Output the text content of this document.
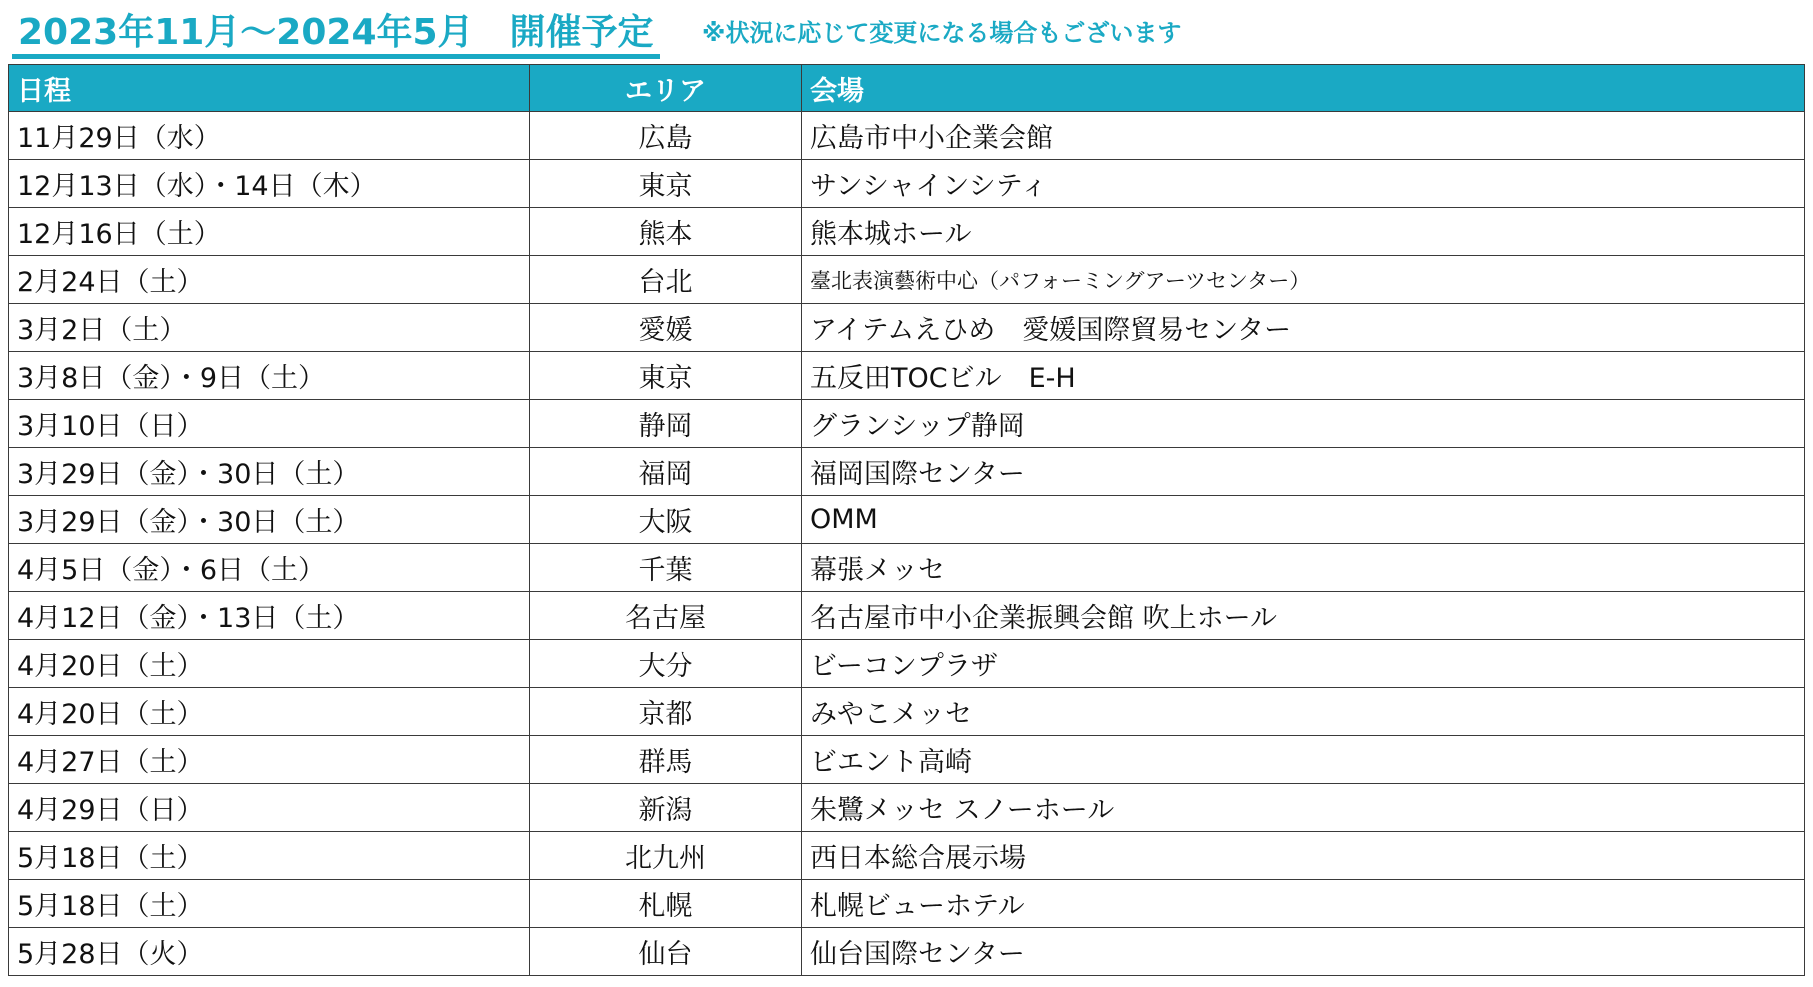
2023年11月～2024年5月　開催予定 ※状況に応じて変更になる場合もございます
日程	エリア	会場
11月29日（水）	広島	広島市中小企業会館
12月13日（水）・14日（木）	東京	サンシャインシティ
12月16日（土）	熊本	熊本城ホール
2月24日（土）	台北	臺北表演藝術中心（パフォーミングアーツセンター）
3月2日（土）	愛媛	アイテムえひめ　愛媛国際貿易センター
3月8日（金）・9日（土）	東京	五反田TOCビル　E-H
3月10日（日）	静岡	グランシップ静岡
3月29日（金）・30日（土）	福岡	福岡国際センター
3月29日（金）・30日（土）	大阪	OMM
4月5日（金）・6日（土）	千葉	幕張メッセ
4月12日（金）・13日（土）	名古屋	名古屋市中小企業振興会館 吹上ホール
4月20日（土）	大分	ビーコンプラザ
4月20日（土）	京都	みやこメッセ
4月27日（土）	群馬	ビエント高崎
4月29日（日）	新潟	朱鷺メッセ スノーホール
5月18日（土）	北九州	西日本総合展示場
5月18日（土）	札幌	札幌ビューホテル
5月28日（火）	仙台	仙台国際センター
